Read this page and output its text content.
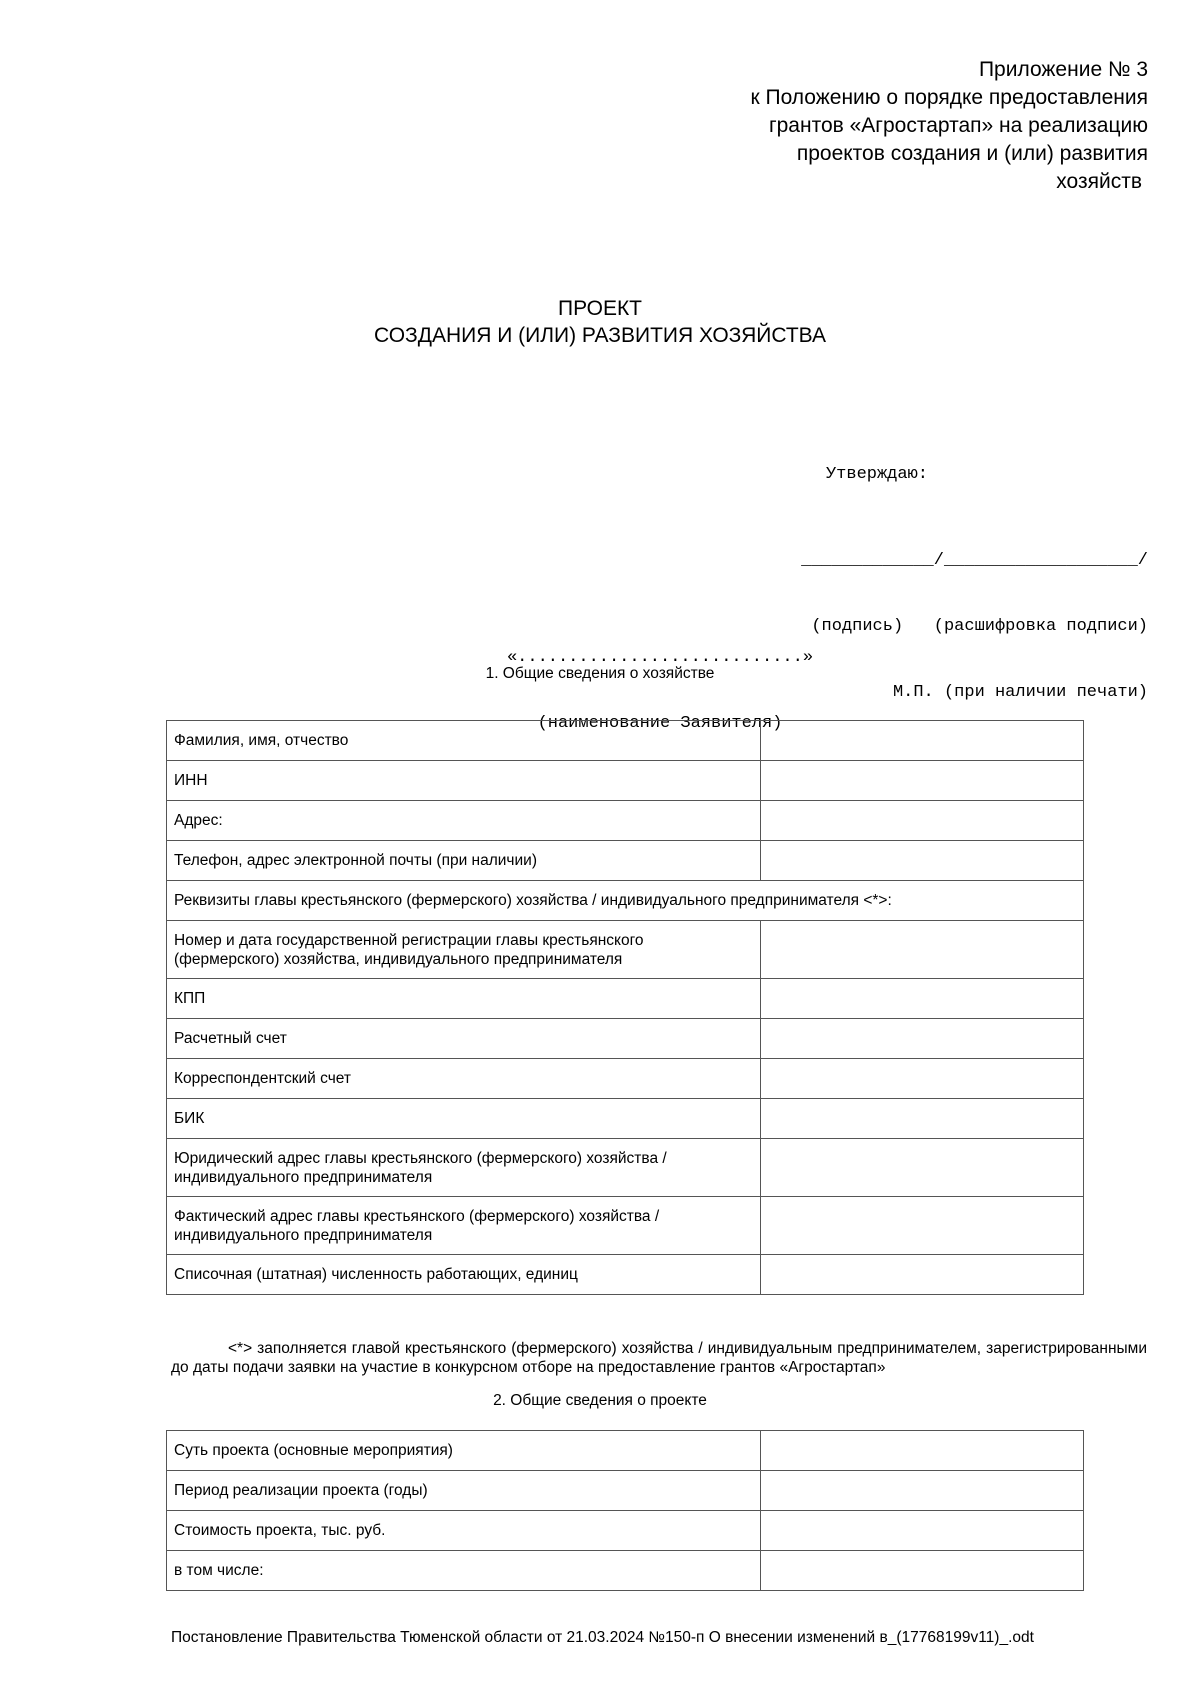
Приложение № 3
к Положению о порядке предоставления
грантов «Агростартап» на реализацию
проектов создания и (или) развития
хозяйств
ПРОЕКТ
СОЗДАНИЯ И (ИЛИ) РАЗВИТИЯ ХОЗЯЙСТВА

Утверждаю:

_____________/___________________/

(подпись)   (расшифровка подписи)

М.П. (при наличии печати)

«............................»

(наименование Заявителя)

1. Общие сведения о хозяйстве
Фамилия, имя, отчество	
ИНН	
Адрес:	
Телефон, адрес электронной почты (при наличии)	
Реквизиты главы крестьянского (фермерского) хозяйства / индивидуального предпринимателя <*>:	
Номер и дата государственной регистрации главы крестьянского (фермерского) хозяйства, индивидуального предпринимателя	
КПП	
Расчетный счет	
Корреспондентский счет	
БИК	
Юридический адрес главы крестьянского (фермерского) хозяйства / индивидуального предпринимателя	
Фактический адрес главы крестьянского (фермерского) хозяйства / индивидуального предпринимателя	
Списочная (штатная) численность работающих, единиц	
<*> заполняется главой крестьянского (фермерского) хозяйства / индивидуальным предпринимателем, зарегистрированными до даты подачи заявки на участие в конкурсном отборе на предоставление грантов «Агростартап»
2. Общие сведения о проекте
Суть проекта (основные мероприятия)	
Период реализации проекта (годы)	
Стоимость проекта, тыс. руб.	
в том числе:	
Постановление Правительства Тюменской области от 21.03.2024 №150-п О внесении изменений в_(17768199v11)_.odt
